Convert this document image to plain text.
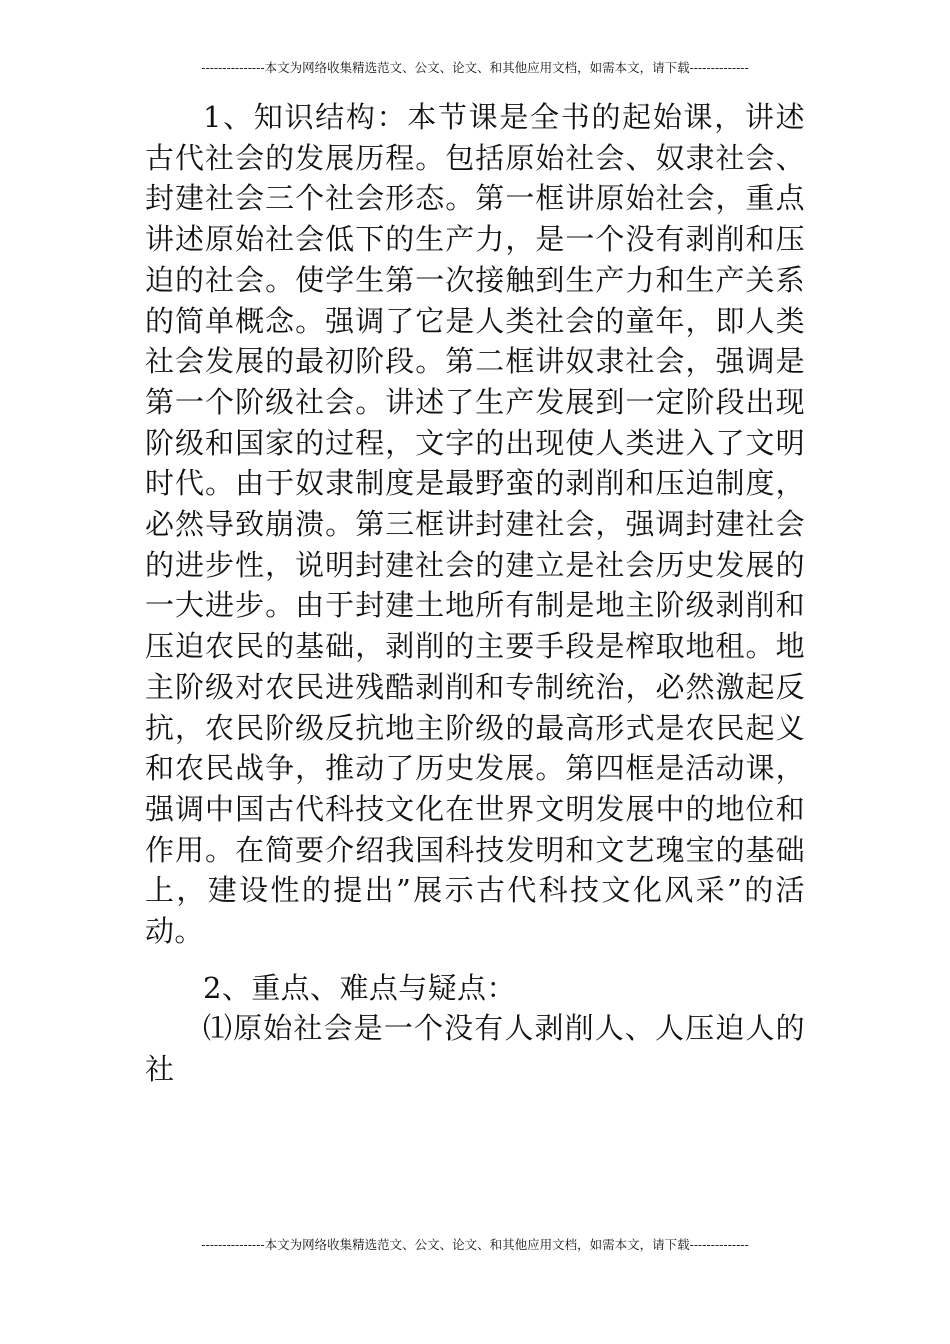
---------------本文为网络收集精选范文、公文、论文、和其他应用文档，如需本文，请下载--------------

1、知识结构：本节课是全书的起始课，讲述古代社会的发展历程。包括原始社会、奴隶社会、封建社会三个社会形态。第一框讲原始社会，重点讲述原始社会低下的生产力，是一个没有剥削和压迫的社会。使学生第一次接触到生产力和生产关系的简单概念。强调了它是人类社会的童年，即人类社会发展的最初阶段。第二框讲奴隶社会，强调是第一个阶级社会。讲述了生产发展到一定阶段出现阶级和国家的过程，文字的出现使人类进入了文明时代。由于奴隶制度是最野蛮的剥削和压迫制度，必然导致崩溃。第三框讲封建社会，强调封建社会的进步性，说明封建社会的建立是社会历史发展的一大进步。由于封建土地所有制是地主阶级剥削和压迫农民的基础，剥削的主要手段是榨取地租。地主阶级对农民进残酷剥削和专制统治，必然激起反抗，农民阶级反抗地主阶级的最高形式是农民起义和农民战争，推动了历史发展。第四框是活动课，强调中国古代科技文化在世界文明发展中的地位和作用。在简要介绍我国科技发明和文艺瑰宝的基础上，建设性的提出”展示古代科技文化风采”的活动。

2、重点、难点与疑点：

⑴原始社会是一个没有人剥削人、人压迫人的社

---------------本文为网络收集精选范文、公文、论文、和其他应用文档，如需本文，请下载--------------
